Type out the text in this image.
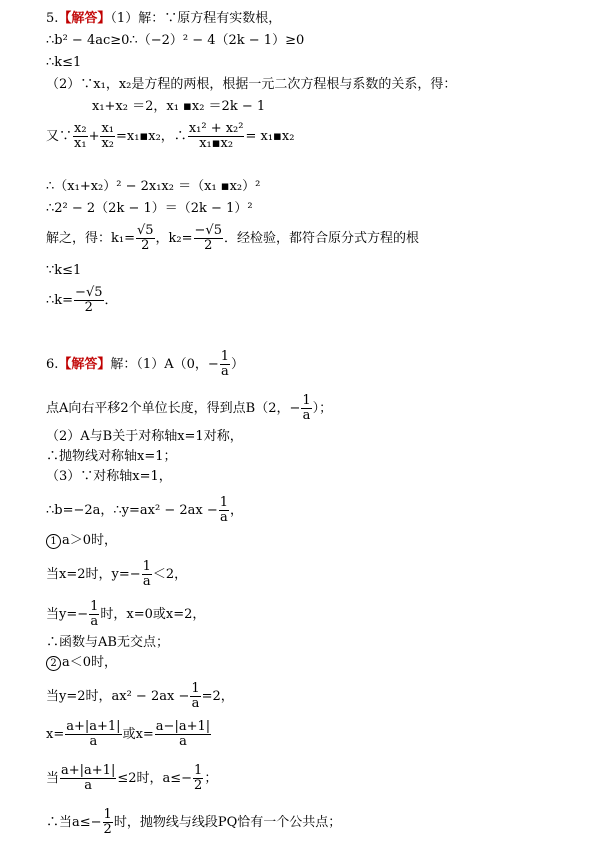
5.【解答】（1）解：∵原方程有实数根，
∴b² − 4ac≥0∴（−2）² − 4（2k − 1）≥0
∴k≤1
（2）∵x₁，x₂是方程的两根，根据一元二次方程根与系数的关系，得：
x₁+x₂ ＝2，x₁ ▪x₂ ＝2k − 1
又∵ $\frac{\text{x₂}}{\text{x₁}} + \frac{\text{x₁}}{\text{x₂}}$ =x₁▪x₂，∴ $\frac{\text{x₁² + x₂²}}{\text{x₁▪x₂}}$ = x₁▪x₂
∴（x₁+x₂）² − 2x₁x₂ ＝（x₁ ▪x₂）²
∴2² − 2（2k − 1）＝（2k − 1）²
解之，得：$k_1= \frac{√5}{2}$ ，$k_2= \frac{-√5}{2}$ ．经检验，都符合原分式方程的根
∵k≤1
∴k= $\frac{-√5}{2}$ ．
6.【解答】解：（1）A（0，− $\frac{1}{a}$ ）
点A向右平移2个单位长度，得到点B（2，− $\frac{1}{a}$ ）；
（2）A与B关于对称轴x=1对称，
∴抛物线对称轴x=1；
（3）∵对称轴x=1，
∴b=−2a，∴y=ax² − $2ax - \frac{1}{a}$ ，
1 a＞0时，
当x=2时，$y=- \frac{1}{a} <2$，
当$y=- \frac{1}{a}$ 时，x=0或x=2，
∴函数与AB无交点；
2 a＜0时，
当y=2时，$ax^2 - 2ax - \frac{1}{a} =2$，
$x= \frac{a+|a+1|}{a}$ 或$x= \frac{a-|a+1|}{a}$
当 $\frac{a+|a+1|}{a} \le 2$时，$a\le- \frac{1}{2}$ ；
∴当$a\le- \frac{1}{2}$ 时，抛物线与线段PQ恰有一个公共点；
